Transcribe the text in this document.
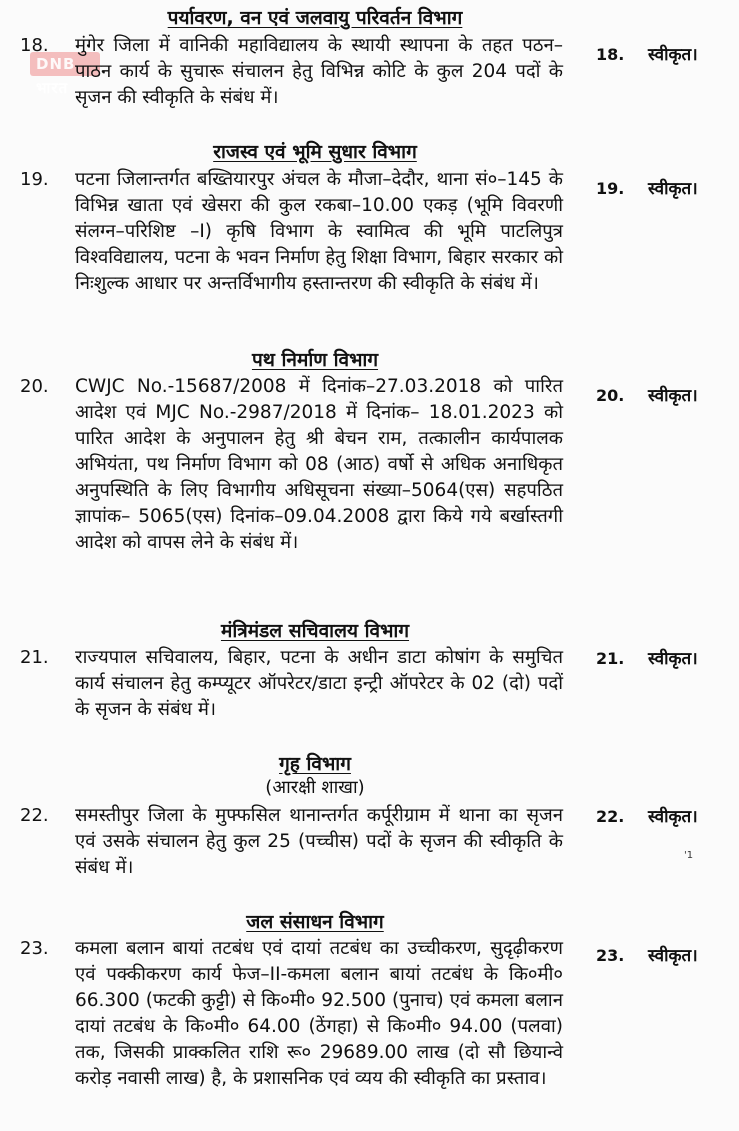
DNB भारत
पर्यावरण, वन एवं जलवायु परिवर्तन विभाग
18. मुंगेर जिला में वानिकी महाविद्यालय के स्थायी स्थापना के तहत पठन–पाठन कार्य के सुचारू संचालन हेतु विभिन्न कोटि के कुल 204 पदों के सृजन की स्वीकृति के संबंध में।
18. स्वीकृत।
राजस्व एवं भूमि सुधार विभाग
19. पटना जिलान्तर्गत बख्तियारपुर अंचल के मौजा–देदौर, थाना सं०–145 के विभिन्न खाता एवं खेसरा की कुल रकबा–10.00 एकड़ (भूमि विवरणी संलग्न–परिशिष्ट –I) कृषि विभाग के स्वामित्व की भूमि पाटलिपुत्र विश्वविद्यालय, पटना के भवन निर्माण हेतु शिक्षा विभाग, बिहार सरकार को निःशुल्क आधार पर अन्तर्विभागीय हस्तान्तरण की स्वीकृति के संबंध में।
19. स्वीकृत।
पथ निर्माण विभाग
20. CWJC No.-15687/2008 में दिनांक–27.03.2018 को पारित आदेश एवं MJC No.-2987/2018 में दिनांक– 18.01.2023 को पारित आदेश के अनुपालन हेतु श्री बेचन राम, तत्कालीन कार्यपालक अभियंता, पथ निर्माण विभाग को 08 (आठ) वर्षो से अधिक अनाधिकृत अनुपस्थिति के लिए विभागीय अधिसूचना संख्या–5064(एस) सहपठित ज्ञापांक– 5065(एस) दिनांक–09.04.2008 द्वारा किये गये बर्खास्तगी आदेश को वापस लेने के संबंध में।
20. स्वीकृत।
मंत्रिमंडल सचिवालय विभाग
21. राज्यपाल सचिवालय, बिहार, पटना के अधीन डाटा कोषांग के समुचित कार्य संचालन हेतु कम्प्यूटर ऑपरेटर/डाटा इन्ट्री ऑपरेटर के 02 (दो) पदों के सृजन के संबंध में।
21. स्वीकृत।
गृह विभाग
(आरक्षी शाखा)
22. समस्तीपुर जिला के मुफ्फसिल थानान्तर्गत कर्पूरीग्राम में थाना का सृजन एवं उसके संचालन हेतु कुल 25 (पच्चीस) पदों के सृजन की स्वीकृति के संबंध में।
22. स्वीकृत।
ꞌ1
जल संसाधन विभाग
23. कमला बलान बायां तटबंध एवं दायां तटबंध का उच्चीकरण, सुदृढ़ीकरण एवं पक्कीकरण कार्य फेज–II-कमला बलान बायां तटबंध के कि०मी० 66.300 (फटकी कुट्टी) से कि०मी० 92.500 (पुनाच) एवं कमला बलान दायां तटबंध के कि०मी० 64.00 (ठेंगहा) से कि०मी० 94.00 (पलवा) तक, जिसकी प्राक्कलित राशि रू० 29689.00 लाख (दो सौ छियान्वे करोड़ नवासी लाख) है, के प्रशासनिक एवं व्यय की स्वीकृति का प्रस्ताव।
23. स्वीकृत।
